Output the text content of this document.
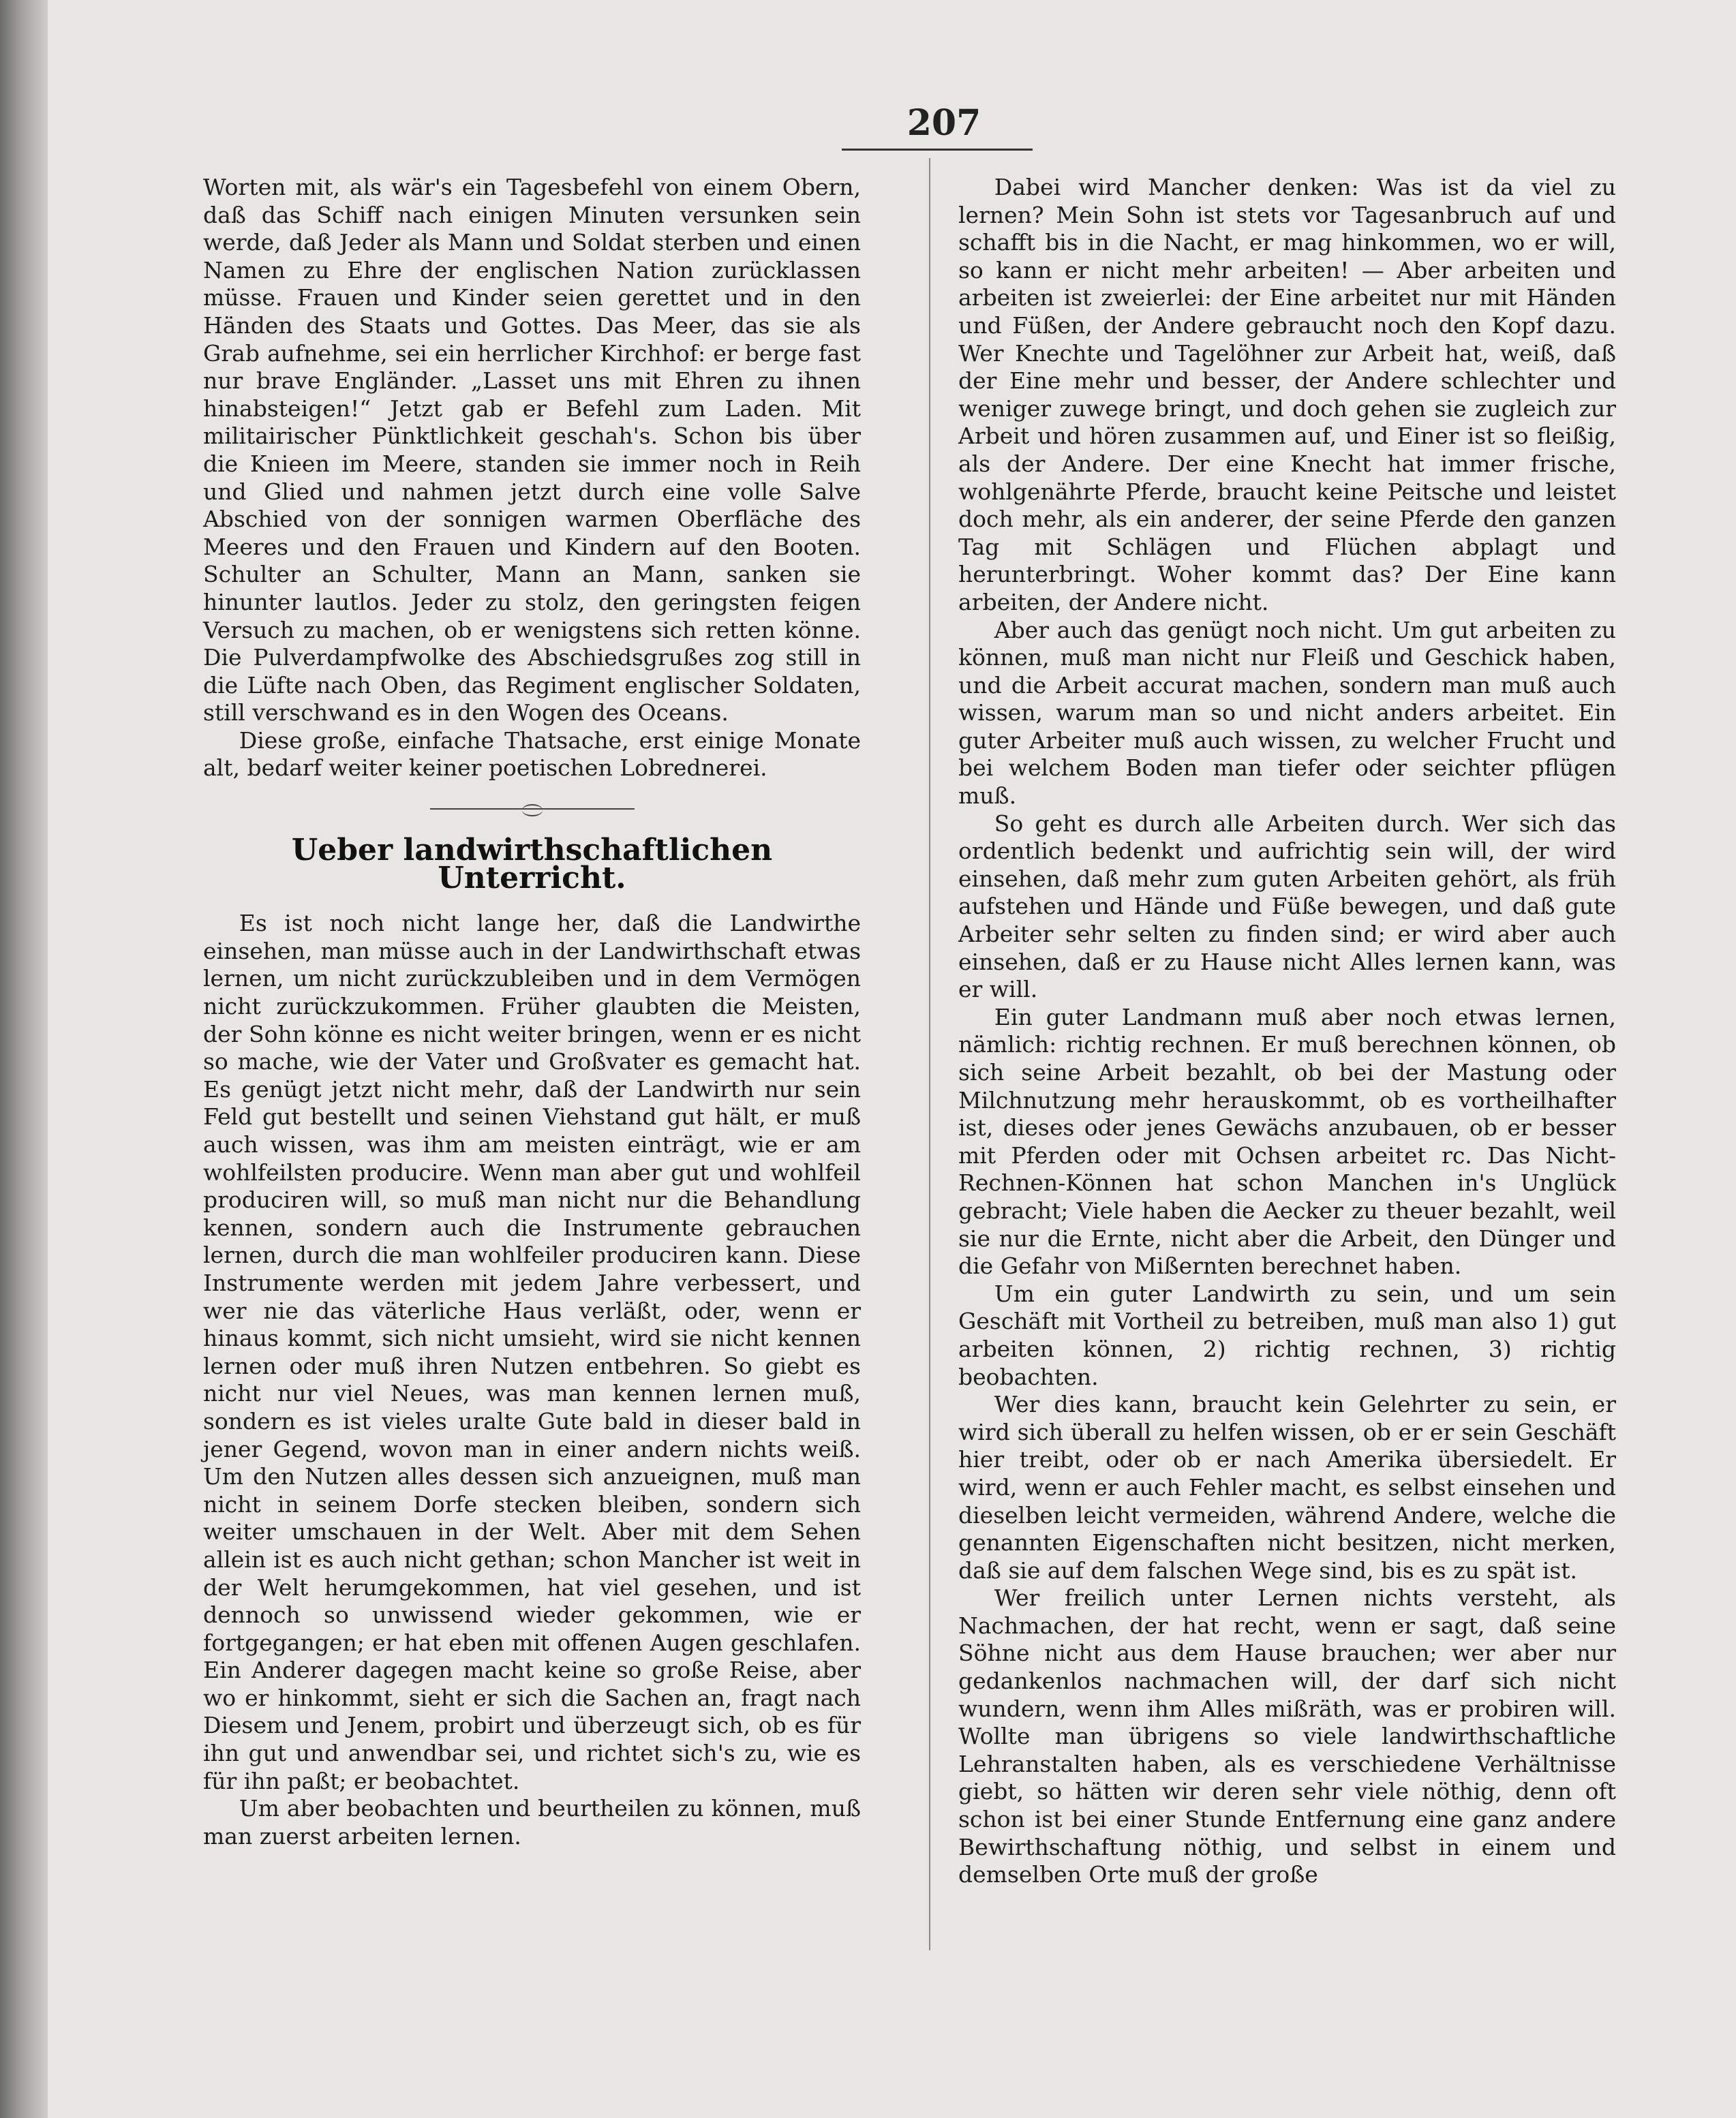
207

Worten mit, als wär's ein Tagesbefehl von einem Obern, daß das Schiff nach einigen Minuten versunken sein werde, daß Jeder als Mann und Soldat sterben und einen Namen zu Ehre der englischen Nation zurücklassen müsse. Frauen und Kinder seien gerettet und in den Händen des Staats und Gottes. Das Meer, das sie als Grab aufnehme, sei ein herrlicher Kirchhof: er berge fast nur brave Engländer. „Lasset uns mit Ehren zu ihnen hinabsteigen!“ Jetzt gab er Befehl zum Laden. Mit militairischer Pünktlichkeit geschah's. Schon bis über die Knieen im Meere, standen sie immer noch in Reih und Glied und nahmen jetzt durch eine volle Salve Abschied von der sonnigen warmen Oberfläche des Meeres und den Frauen und Kindern auf den Booten. Schulter an Schulter, Mann an Mann, sanken sie hinunter lautlos. Jeder zu stolz, den geringsten feigen Versuch zu machen, ob er wenigstens sich retten könne. Die Pulverdampfwolke des Abschiedsgrußes zog still in die Lüfte nach Oben, das Regiment englischer Soldaten, still verschwand es in den Wogen des Oceans.

Diese große, einfache Thatsache, erst einige Monate alt, bedarf weiter keiner poetischen Lobrednerei.

Ueber landwirthschaftlichen Unterricht.

Es ist noch nicht lange her, daß die Landwirthe einsehen, man müsse auch in der Landwirthschaft etwas lernen, um nicht zurückzubleiben und in dem Vermögen nicht zurückzukommen. Früher glaubten die Meisten, der Sohn könne es nicht weiter bringen, wenn er es nicht so mache, wie der Vater und Großvater es gemacht hat. Es genügt jetzt nicht mehr, daß der Landwirth nur sein Feld gut bestellt und seinen Viehstand gut hält, er muß auch wissen, was ihm am meisten einträgt, wie er am wohlfeilsten producire. Wenn man aber gut und wohlfeil produciren will, so muß man nicht nur die Behandlung kennen, sondern auch die Instrumente gebrauchen lernen, durch die man wohlfeiler produciren kann. Diese Instrumente werden mit jedem Jahre verbessert, und wer nie das väterliche Haus verläßt, oder, wenn er hinaus kommt, sich nicht umsieht, wird sie nicht kennen lernen oder muß ihren Nutzen entbehren. So giebt es nicht nur viel Neues, was man kennen lernen muß, sondern es ist vieles uralte Gute bald in dieser bald in jener Gegend, wovon man in einer andern nichts weiß. Um den Nutzen alles dessen sich anzueignen, muß man nicht in seinem Dorfe stecken bleiben, sondern sich weiter umschauen in der Welt. Aber mit dem Sehen allein ist es auch nicht gethan; schon Mancher ist weit in der Welt herumgekommen, hat viel gesehen, und ist dennoch so unwissend wieder gekommen, wie er fortgegangen; er hat eben mit offenen Augen geschlafen. Ein Anderer dagegen macht keine so große Reise, aber wo er hinkommt, sieht er sich die Sachen an, fragt nach Diesem und Jenem, probirt und überzeugt sich, ob es für ihn gut und anwendbar sei, und richtet sich's zu, wie es für ihn paßt; er beobachtet.

Um aber beobachten und beurtheilen zu können, muß man zuerst arbeiten lernen.

Dabei wird Mancher denken: Was ist da viel zu lernen? Mein Sohn ist stets vor Tagesanbruch auf und schafft bis in die Nacht, er mag hinkommen, wo er will, so kann er nicht mehr arbeiten! — Aber arbeiten und arbeiten ist zweierlei: der Eine arbeitet nur mit Händen und Füßen, der Andere gebraucht noch den Kopf dazu. Wer Knechte und Tagelöhner zur Arbeit hat, weiß, daß der Eine mehr und besser, der Andere schlechter und weniger zuwege bringt, und doch gehen sie zugleich zur Arbeit und hören zusammen auf, und Einer ist so fleißig, als der Andere. Der eine Knecht hat immer frische, wohlgenährte Pferde, braucht keine Peitsche und leistet doch mehr, als ein anderer, der seine Pferde den ganzen Tag mit Schlägen und Flüchen abplagt und herunterbringt. Woher kommt das? Der Eine kann arbeiten, der Andere nicht.

Aber auch das genügt noch nicht. Um gut arbeiten zu können, muß man nicht nur Fleiß und Geschick haben, und die Arbeit accurat machen, sondern man muß auch wissen, warum man so und nicht anders arbeitet. Ein guter Arbeiter muß auch wissen, zu welcher Frucht und bei welchem Boden man tiefer oder seichter pflügen muß.

So geht es durch alle Arbeiten durch. Wer sich das ordentlich bedenkt und aufrichtig sein will, der wird einsehen, daß mehr zum guten Arbeiten gehört, als früh aufstehen und Hände und Füße bewegen, und daß gute Arbeiter sehr selten zu finden sind; er wird aber auch einsehen, daß er zu Hause nicht Alles lernen kann, was er will.

Ein guter Landmann muß aber noch etwas lernen, nämlich: richtig rechnen. Er muß berechnen können, ob sich seine Arbeit bezahlt, ob bei der Mastung oder Milchnutzung mehr herauskommt, ob es vortheilhafter ist, dieses oder jenes Gewächs anzubauen, ob er besser mit Pferden oder mit Ochsen arbeitet rc. Das Nicht-Rechnen-Können hat schon Manchen in's Unglück gebracht; Viele haben die Aecker zu theuer bezahlt, weil sie nur die Ernte, nicht aber die Arbeit, den Dünger und die Gefahr von Mißernten berechnet haben.

Um ein guter Landwirth zu sein, und um sein Geschäft mit Vortheil zu betreiben, muß man also 1) gut arbeiten können, 2) richtig rechnen, 3) richtig beobachten.

Wer dies kann, braucht kein Gelehrter zu sein, er wird sich überall zu helfen wissen, ob er er sein Geschäft hier treibt, oder ob er nach Amerika übersiedelt. Er wird, wenn er auch Fehler macht, es selbst einsehen und dieselben leicht vermeiden, während Andere, welche die genannten Eigenschaften nicht besitzen, nicht merken, daß sie auf dem falschen Wege sind, bis es zu spät ist.

Wer freilich unter Lernen nichts versteht, als Nachmachen, der hat recht, wenn er sagt, daß seine Söhne nicht aus dem Hause brauchen; wer aber nur gedankenlos nachmachen will, der darf sich nicht wundern, wenn ihm Alles mißräth, was er probiren will. Wollte man übrigens so viele landwirthschaftliche Lehranstalten haben, als es verschiedene Verhältnisse giebt, so hätten wir deren sehr viele nöthig, denn oft schon ist bei einer Stunde Entfernung eine ganz andere Bewirthschaftung nöthig, und selbst in einem und demselben Orte muß der große
